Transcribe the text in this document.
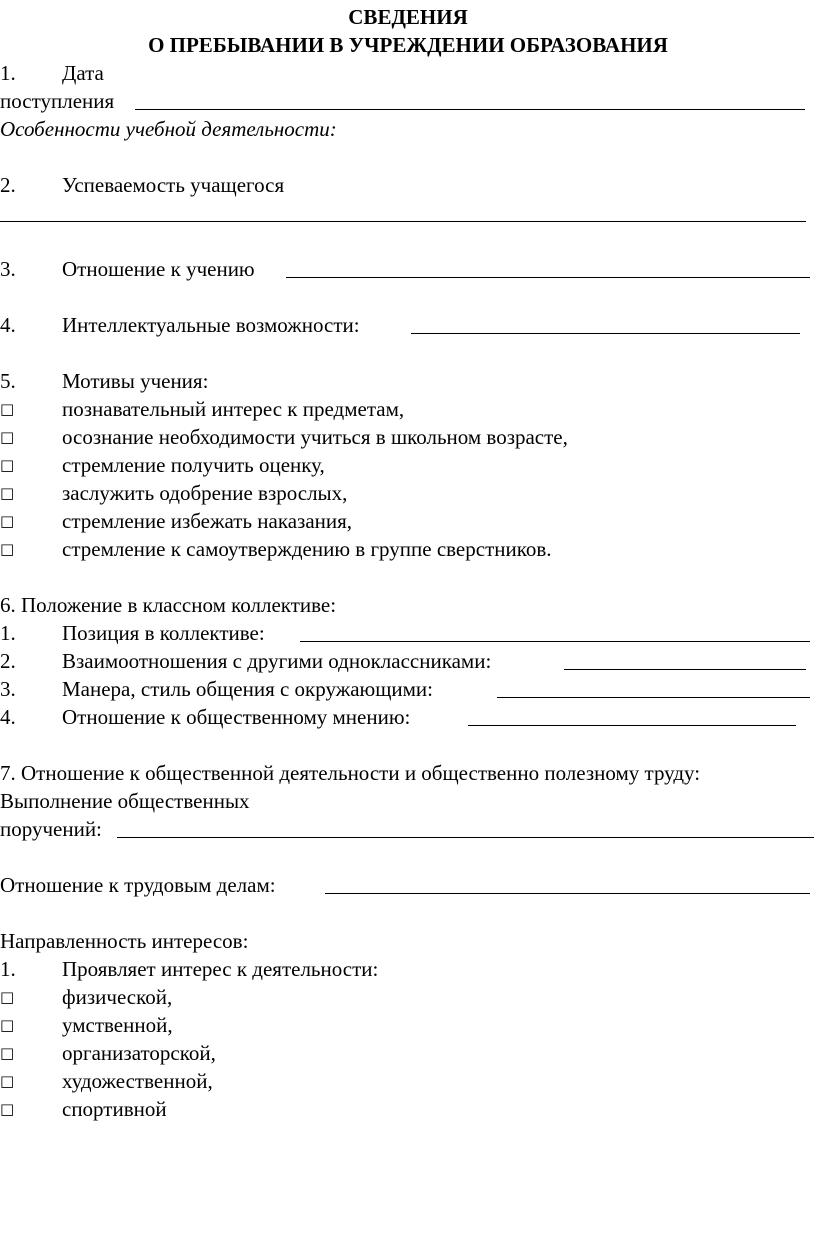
СВЕДЕНИЯ

О ПРЕБЫВАНИИ В УЧРЕЖДЕНИИ ОБРАЗОВАНИЯ

1. Дата
поступления
Особенности учебной деятельности:
2. Успеваемость учащегося
3. Отношение к учению
4. Интеллектуальные возможности:
5. Мотивы учения:
□ познавательный интерес к предметам,
□ осознание необходимости учиться в школьном возрасте,
□ стремление получить оценку,
□ заслужить одобрение взрослых,
□ стремление избежать наказания,
□ стремление к самоутверждению в группе сверстников.
6. Положение в классном коллективе:
1. Позиция в коллективе:
2. Взаимоотношения с другими одноклассниками:
3. Манера, стиль общения с окружающими:
4. Отношение к общественному мнению:
7. Отношение к общественной деятельности и общественно полезному труду:
Выполнение общественных
поручений:
Отношение к трудовым делам:
Направленность интересов:
1. Проявляет интерес к деятельности:
□ физической,
□ умственной,
□ организаторской,
□ художественной,
□ спортивной
